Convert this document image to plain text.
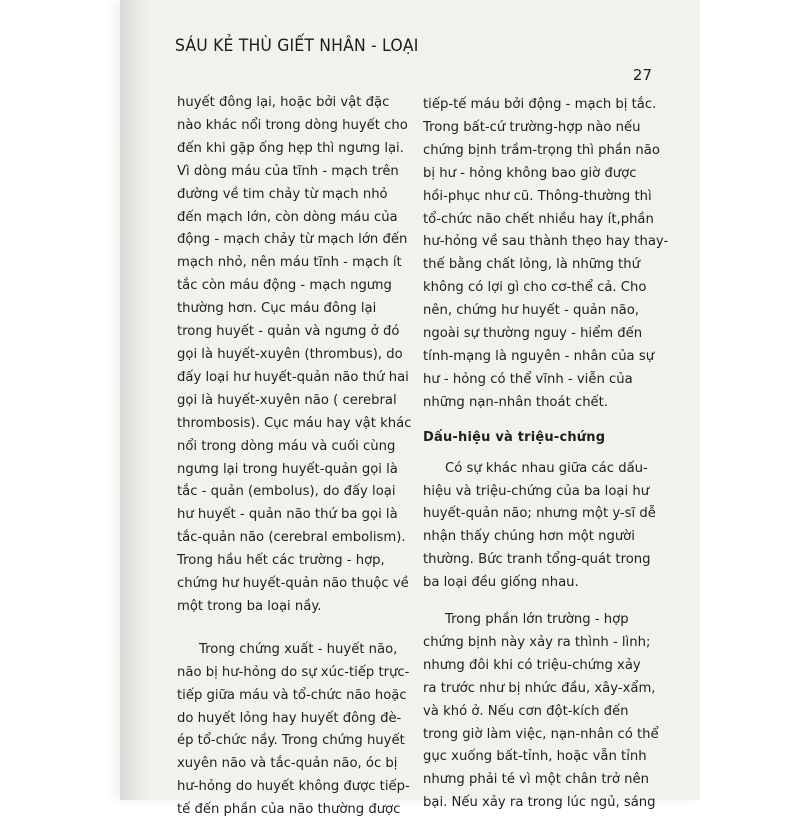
SÁU KẺ THÙ GIẾT NHÂN - LOẠI
27
huyết đông lại, hoặc bởi vật đặc
nào khác nổi trong dòng huyết cho
đến khi gặp ống hẹp thì ngưng lại.
Vì dòng máu của tĩnh - mạch trên
đường về tim chảy từ mạch nhỏ
đến mạch lớn, còn dòng máu của
động - mạch chảy từ mạch lớn đến
mạch nhỏ, nên máu tĩnh - mạch ít
tắc còn máu động - mạch ngưng
thường hơn. Cục máu đông lại
trong huyết - quản và ngưng ở đó
gọi là huyết-xuyên (thrombus), do
đấy loại hư huyết-quản não thứ hai
gọi là huyết-xuyên não ( cerebral
thrombosis). Cục máu hay vật khác
nổi trong dòng máu và cuối cùng
ngưng lại trong huyết-quản gọi là
tắc - quản (embolus), do đấy loại
hư huyết - quản não thứ ba gọi là
tắc-quản não (cerebral embolism).
Trong hầu hết các trường - hợp,
chứng hư huyết-quản não thuộc về
một trong ba loại nầy.
Trong chứng xuất - huyết não,
não bị hư-hỏng do sự xúc-tiếp trực-
tiếp giữa máu và tổ-chức não hoặc
do huyết lỏng hay huyết đông đè-
ép tổ-chức nầy. Trong chứng huyết
xuyên não và tắc-quản não, óc bị
hư-hỏng do huyết không được tiếp-
tế đến phần của não thường được
tiếp-tế máu bởi động - mạch bị tắc.
Trong bất-cứ trường-hợp nào nếu
chứng bịnh trầm-trọng thì phần não
bị hư - hỏng không bao giờ được
hồi-phục như cũ. Thông-thường thì
tổ-chức não chết nhiều hay ít,phần
hư-hỏng về sau thành thẹo hay thay-
thế bằng chất lỏng, là những thứ
không có lợi gì cho cơ-thể cả. Cho
nên, chứng hư huyết - quản não,
ngoài sự thường nguy - hiểm đến
tính-mạng là nguyên - nhân của sự
hư - hỏng có thể vĩnh - viễn của
những nạn-nhân thoát chết.
Dấu-hiệu và triệu-chứng
Có sự khác nhau giữa các dấu-
hiệu và triệu-chứng của ba loại hư
huyết-quản não; nhưng một y-sĩ dễ
nhận thấy chúng hơn một người
thường. Bức tranh tổng-quát trong
ba loại đều giống nhau.
Trong phần lớn trường - hợp
chứng bịnh này xảy ra thình - lình;
nhưng đôi khi có triệu-chứng xảy
ra trước như bị nhức đầu, xây-xẩm,
và khó ở. Nếu cơn đột-kích đến
trong giờ làm việc, nạn-nhân có thể
gục xuống bất-tỉnh, hoặc vẫn tỉnh
nhưng phải té vì một chân trở nên
bại. Nếu xảy ra trong lúc ngủ, sáng
